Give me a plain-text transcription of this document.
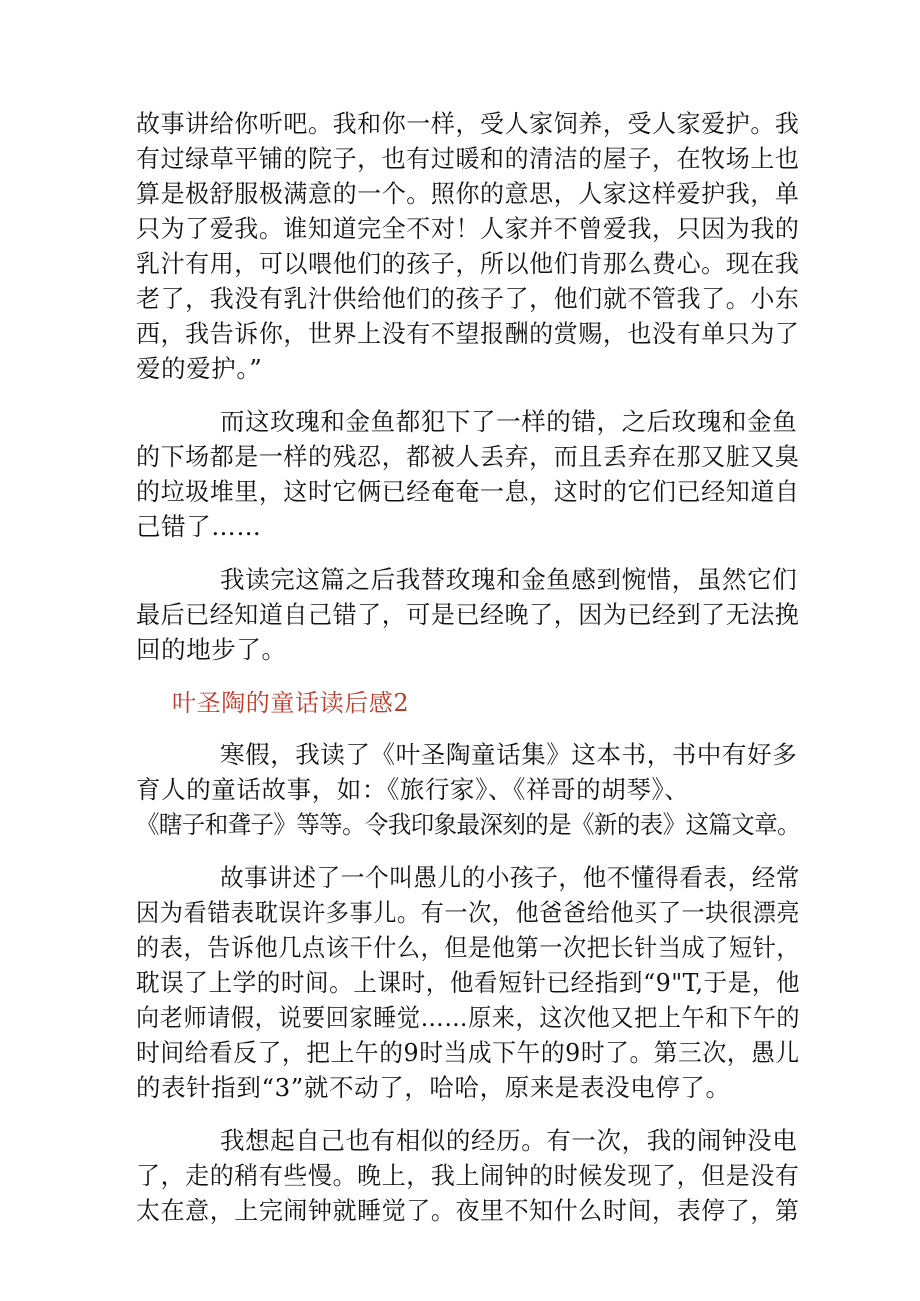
故事讲给你听吧。我和你一样，受人家饲养，受人家爱护。我
有过绿草平铺的院子，也有过暖和的清洁的屋子，在牧场上也
算是极舒服极满意的一个。照你的意思，人家这样爱护我，单
只为了爱我。谁知道完全不对！人家并不曾爱我，只因为我的
乳汁有用，可以喂他们的孩子，所以他们肯那么费心。现在我
老了，我没有乳汁供给他们的孩子了，他们就不管我了。小东
西，我告诉你，世界上没有不望报酬的赏赐，也没有单只为了
爱的爱护。”
而这玫瑰和金鱼都犯下了一样的错，之后玫瑰和金鱼
的下场都是一样的残忍，都被人丢弃，而且丢弃在那又脏又臭
的垃圾堆里，这时它俩已经奄奄一息，这时的它们已经知道自
己错了……
我读完这篇之后我替玫瑰和金鱼感到惋惜，虽然它们
最后已经知道自己错了，可是已经晚了，因为已经到了无法挽
回的地步了。
叶圣陶的童话读后感2
寒假，我读了《叶圣陶童话集》这本书，书中有好多
育人的童话故事，如：《旅行家》、《祥哥的胡琴》、
《瞎子和聋子》等等。令我印象最深刻的是《新的表》这篇文章。
故事讲述了一个叫愚儿的小孩子，他不懂得看表，经常
因为看错表耽误许多事儿。有一次，他爸爸给他买了一块很漂亮
的表，告诉他几点该干什么，但是他第一次把长针当成了短针，
耽误了上学的时间。上课时，他看短针已经指到“9"T,于是，他
向老师请假，说要回家睡觉……原来，这次他又把上午和下午的
时间给看反了，把上午的9时当成下午的9时了。第三次，愚儿
的表针指到“3”就不动了，哈哈，原来是表没电停了。
我想起自己也有相似的经历。有一次，我的闹钟没电
了，走的稍有些慢。晚上，我上闹钟的时候发现了，但是没有
太在意，上完闹钟就睡觉了。夜里不知什么时间，表停了，第
